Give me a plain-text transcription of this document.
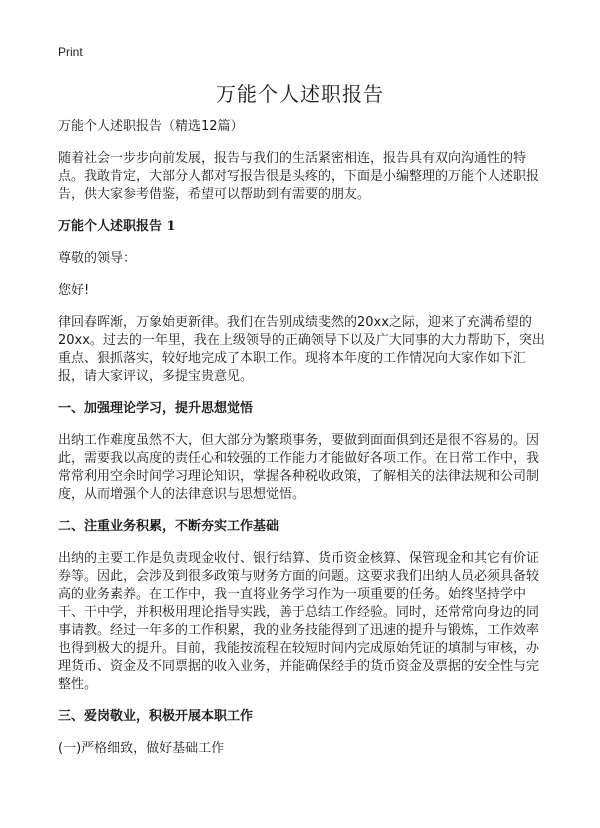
Print
万能个人述职报告

万能个人述职报告（精选12篇）

随着社会一步步向前发展，报告与我们的生活紧密相连，报告具有双向沟通性的特点。我敢肯定，大部分人都对写报告很是头疼的，下面是小编整理的万能个人述职报告，供大家参考借鉴，希望可以帮助到有需要的朋友。

万能个人述职报告 1

尊敬的领导：

您好!

律回春晖渐，万象始更新律。我们在告别成绩斐然的20xx之际，迎来了充满希望的20xx。过去的一年里，我在上级领导的正确领导下以及广大同事的大力帮助下，突出重点、狠抓落实，较好地完成了本职工作。现将本年度的工作情况向大家作如下汇报，请大家评议，多提宝贵意见。

一、加强理论学习，提升思想觉悟

出纳工作难度虽然不大，但大部分为繁琐事务，要做到面面俱到还是很不容易的。因此，需要我以高度的责任心和较强的工作能力才能做好各项工作。在日常工作中，我常常利用空余时间学习理论知识，掌握各种税收政策，了解相关的法律法规和公司制度，从而增强个人的法律意识与思想觉悟。

二、注重业务积累，不断夯实工作基础

出纳的主要工作是负责现金收付、银行结算、货币资金核算、保管现金和其它有价证券等。因此，会涉及到很多政策与财务方面的问题。这要求我们出纳人员必须具备较高的业务素养。在工作中，我一直将业务学习作为一项重要的任务。始终坚持学中干、干中学，并积极用理论指导实践，善于总结工作经验。同时，还常常向身边的同事请教。经过一年多的工作积累，我的业务技能得到了迅速的提升与锻炼，工作效率也得到极大的提升。目前，我能按流程在较短时间内完成原始凭证的填制与审核，办理货币、资金及不同票据的收入业务，并能确保经手的货币资金及票据的安全性与完整性。

三、爱岗敬业，积极开展本职工作

(一)严格细致，做好基础工作
